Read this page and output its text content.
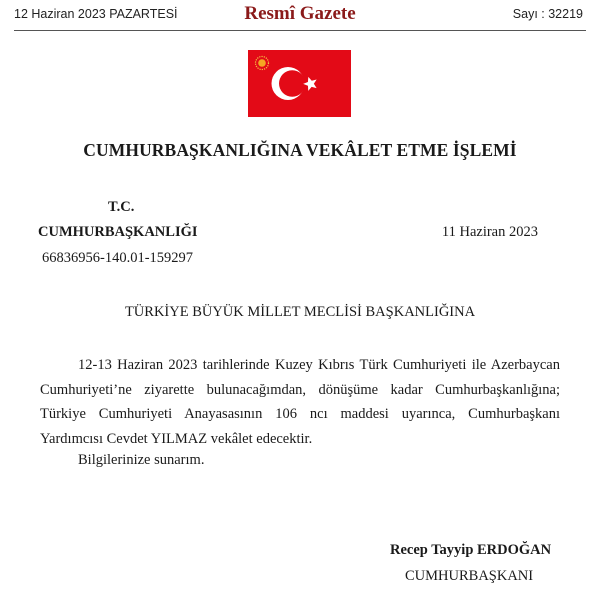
12 Haziran 2023 PAZARTESİ	Resmî Gazete	Sayı : 32219
CUMHURBAŞKANLIĞINA VEKÂLET ETME İŞLEMİ
T.C.
CUMHURBAŞKANLIĞI
66836956-140.01-159297
11 Haziran 2023
TÜRKİYE BÜYÜK MİLLET MECLİSİ BAŞKANLIĞINA
12-13 Haziran 2023 tarihlerinde Kuzey Kıbrıs Türk Cumhuriyeti ile Azerbaycan Cumhuriyeti’ne ziyarette bulunacağımdan, dönüşüme kadar Cumhurbaşkanlığına; Türkiye Cumhuriyeti Anayasasının 106 ncı maddesi uyarınca, Cumhurbaşkanı Yardımcısı Cevdet YILMAZ vekâlet edecektir.
Bilgilerinize sunarım.
Recep Tayyip ERDOĞAN
CUMHURBAŞKANI
